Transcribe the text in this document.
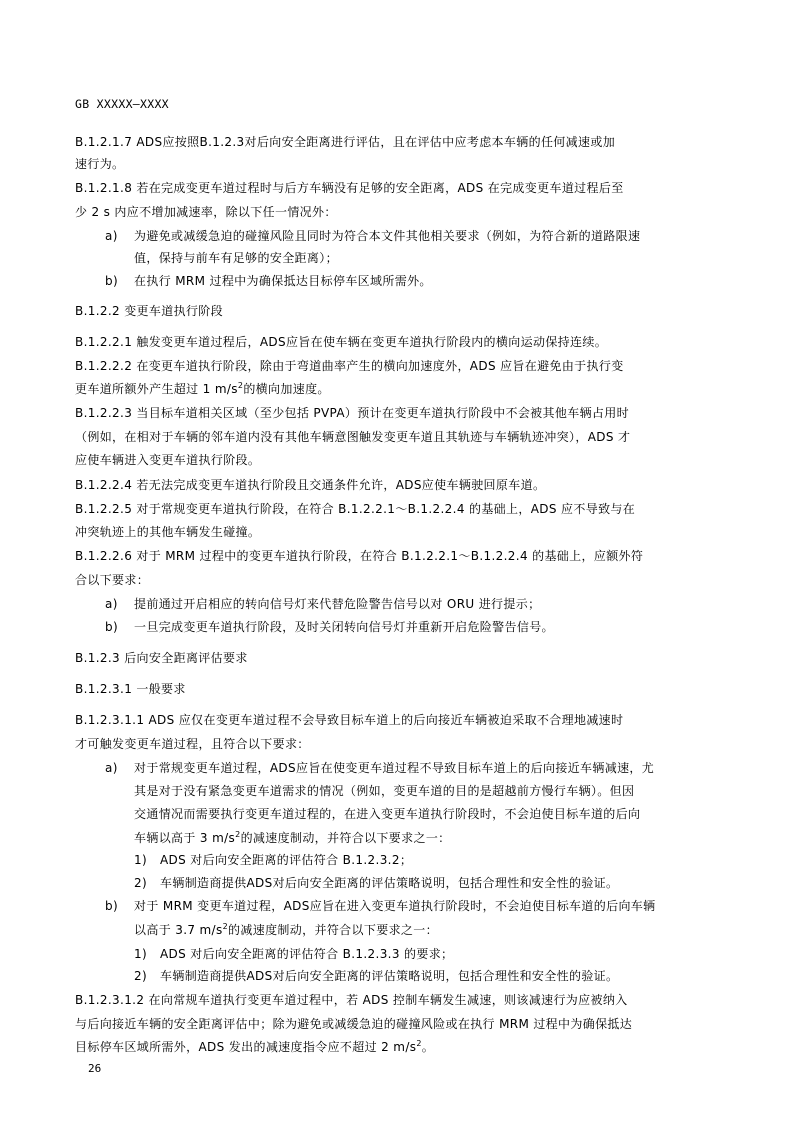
GB XXXXX—XXXX
B.1.2.1.7 ADS应按照B.1.2.3对后向安全距离进行评估，且在评估中应考虑本车辆的任何减速或加
速行为。
B.1.2.1.8 若在完成变更车道过程时与后方车辆没有足够的安全距离，ADS 在完成变更车道过程后至
少 2 s 内应不增加减速率，除以下任一情况外：
a) 为避免或减缓急迫的碰撞风险且同时为符合本文件其他相关要求（例如，为符合新的道路限速
值，保持与前车有足够的安全距离）；
b) 在执行 MRM 过程中为确保抵达目标停车区域所需外。
B.1.2.2 变更车道执行阶段
B.1.2.2.1 触发变更车道过程后，ADS应旨在使车辆在变更车道执行阶段内的横向运动保持连续。
B.1.2.2.2 在变更车道执行阶段，除由于弯道曲率产生的横向加速度外，ADS 应旨在避免由于执行变
更车道所额外产生超过 1 $m/s^2$的横向加速度。
B.1.2.2.3 当目标车道相关区域（至少包括 PVPA）预计在变更车道执行阶段中不会被其他车辆占用时
（例如，在相对于车辆的邻车道内没有其他车辆意图触发变更车道且其轨迹与车辆轨迹冲突），ADS 才
应使车辆进入变更车道执行阶段。
B.1.2.2.4 若无法完成变更车道执行阶段且交通条件允许，ADS应使车辆驶回原车道。
B.1.2.2.5 对于常规变更车道执行阶段，在符合 B.1.2.2.1～B.1.2.2.4 的基础上，ADS 应不导致与在
冲突轨迹上的其他车辆发生碰撞。
B.1.2.2.6 对于 MRM 过程中的变更车道执行阶段，在符合 B.1.2.2.1～B.1.2.2.4 的基础上，应额外符
合以下要求：
a) 提前通过开启相应的转向信号灯来代替危险警告信号以对 ORU 进行提示；
b) 一旦完成变更车道执行阶段，及时关闭转向信号灯并重新开启危险警告信号。
B.1.2.3 后向安全距离评估要求
B.1.2.3.1 一般要求
B.1.2.3.1.1 ADS 应仅在变更车道过程不会导致目标车道上的后向接近车辆被迫采取不合理地减速时
才可触发变更车道过程，且符合以下要求：
a) 对于常规变更车道过程，ADS应旨在使变更车道过程不导致目标车道上的后向接近车辆减速，尤
其是对于没有紧急变更车道需求的情况（例如，变更车道的目的是超越前方慢行车辆）。但因
交通情况而需要执行变更车道过程的，在进入变更车道执行阶段时，不会迫使目标车道的后向
车辆以高于 3 $m/s^2$的减速度制动，并符合以下要求之一：
1) ADS 对后向安全距离的评估符合 B.1.2.3.2；
2) 车辆制造商提供ADS对后向安全距离的评估策略说明，包括合理性和安全性的验证。
b) 对于 MRM 变更车道过程，ADS应旨在进入变更车道执行阶段时，不会迫使目标车道的后向车辆
以高于 3.7 $m/s^2$的减速度制动，并符合以下要求之一：
1) ADS 对后向安全距离的评估符合 B.1.2.3.3 的要求；
2) 车辆制造商提供ADS对后向安全距离的评估策略说明，包括合理性和安全性的验证。
B.1.2.3.1.2 在向常规车道执行变更车道过程中，若 ADS 控制车辆发生减速，则该减速行为应被纳入
与后向接近车辆的安全距离评估中；除为避免或减缓急迫的碰撞风险或在执行 MRM 过程中为确保抵达
目标停车区域所需外，ADS 发出的减速度指令应不超过 2 $m/s^2$。
26
